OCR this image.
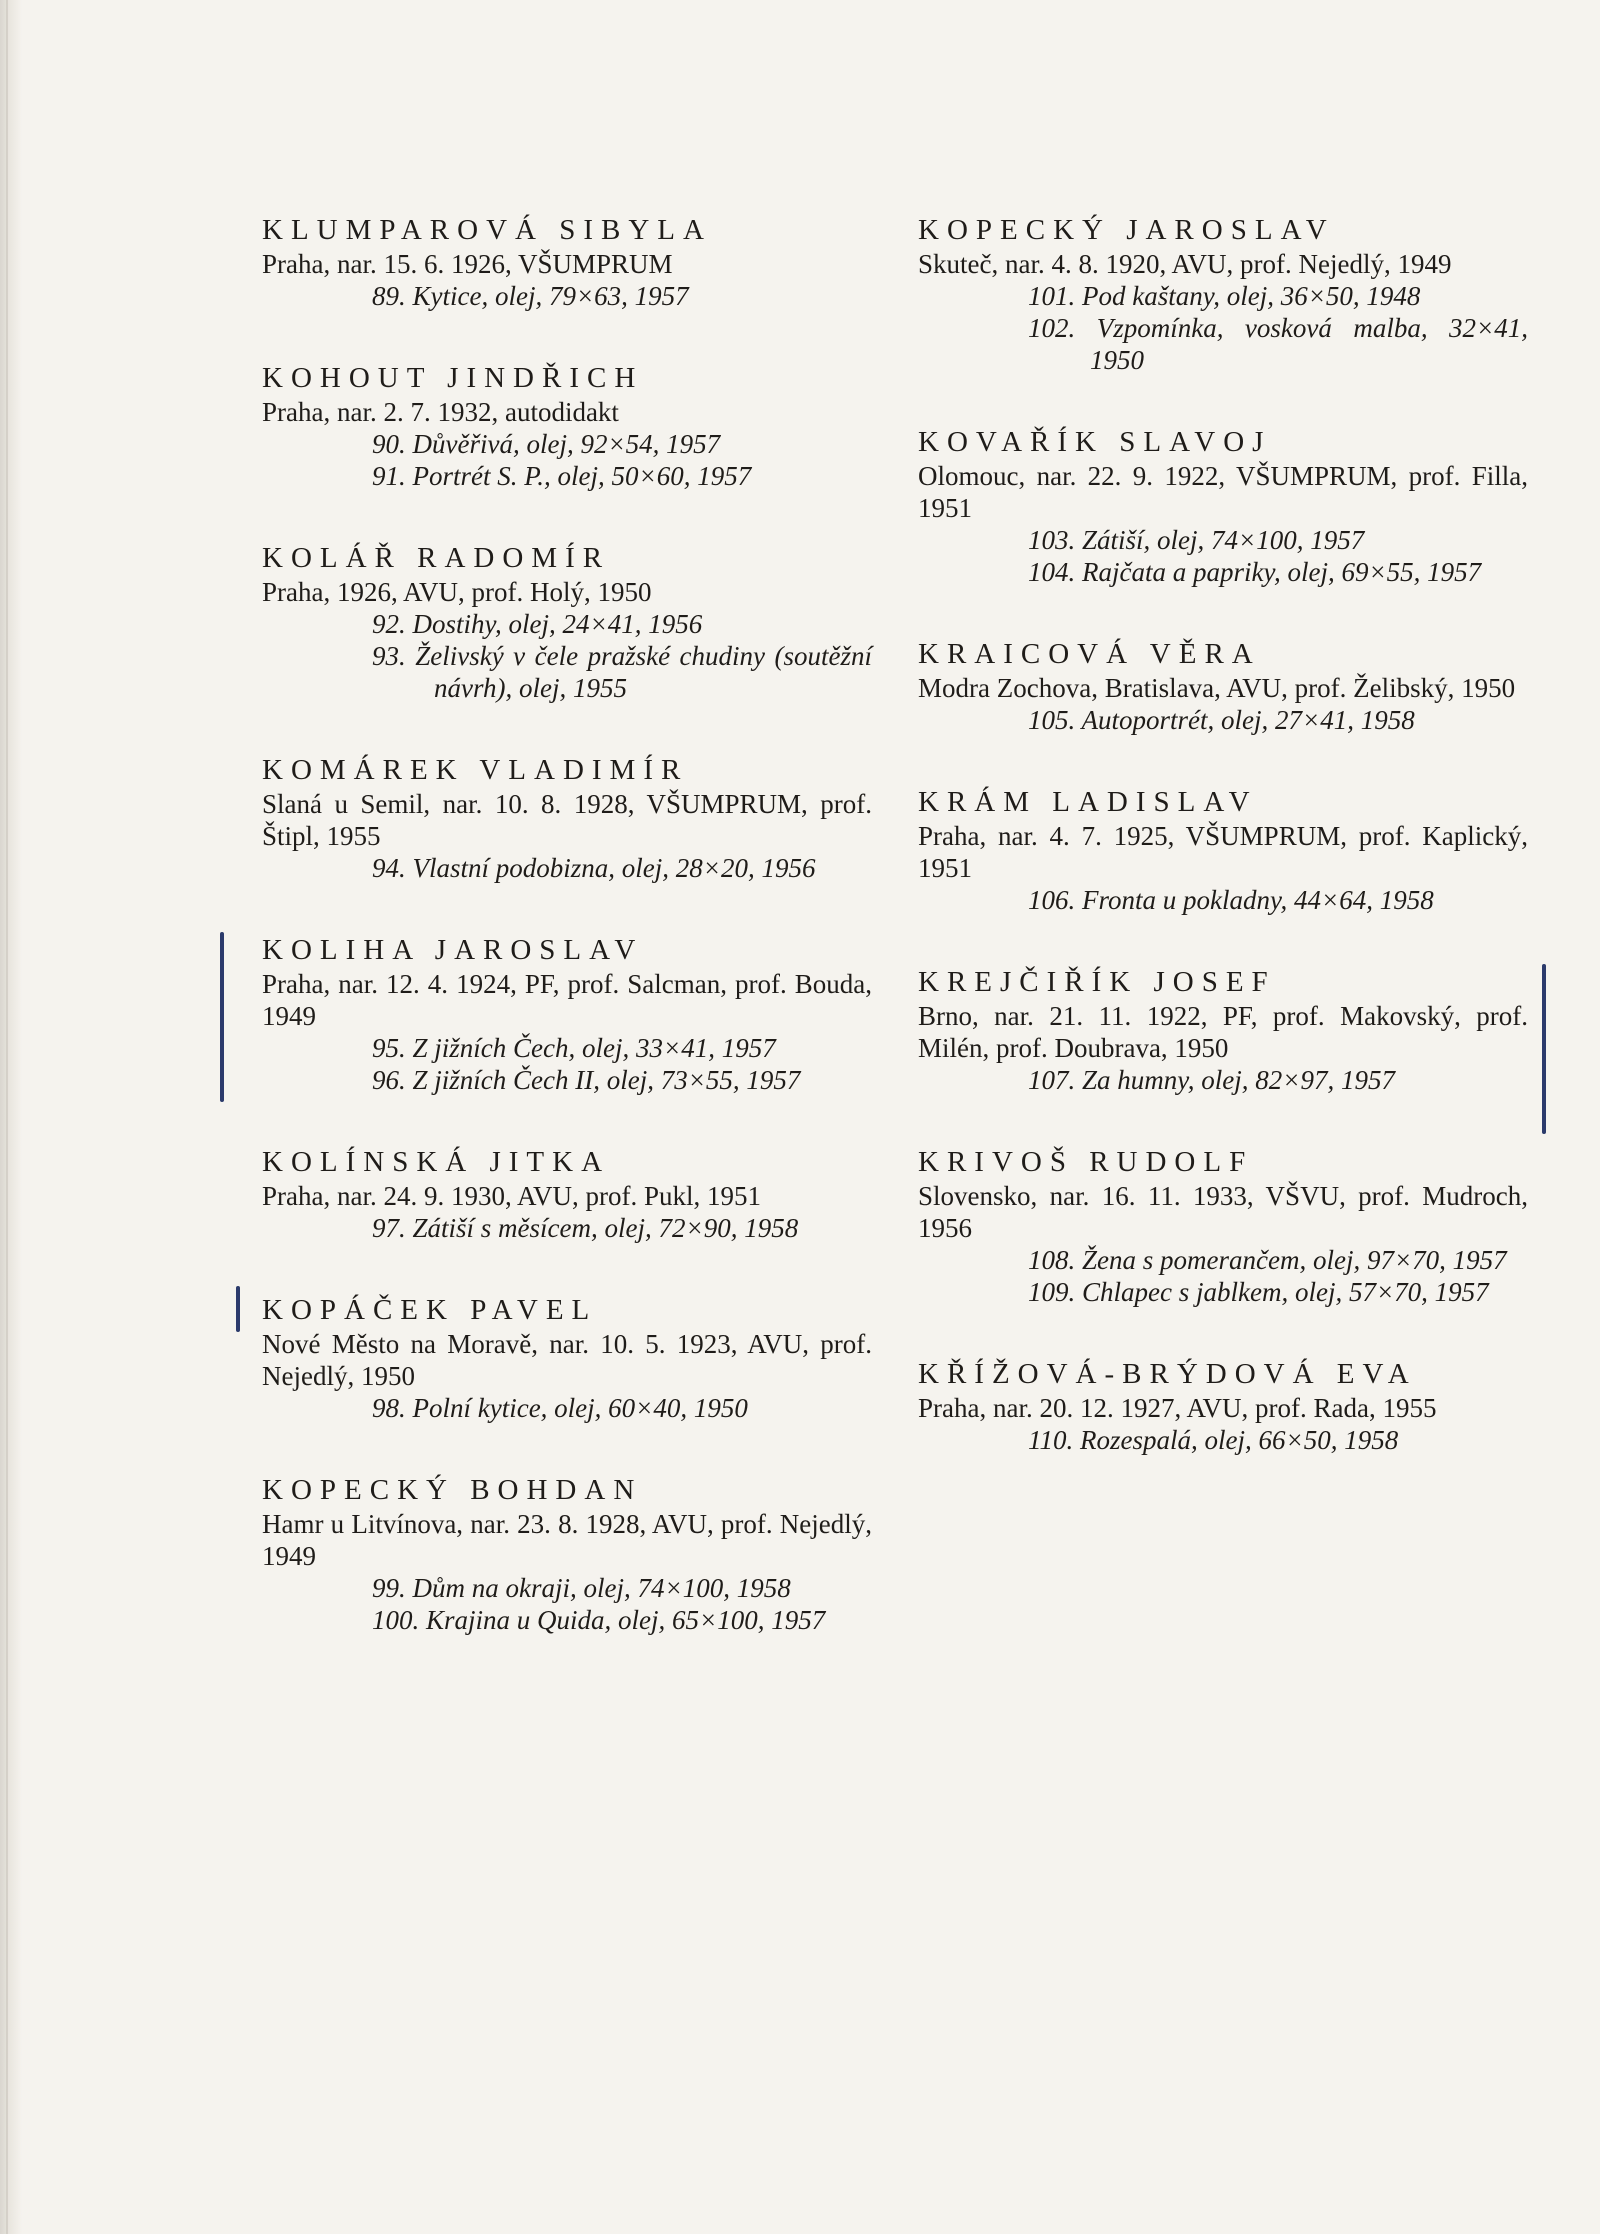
KLUMPAROVÁ SIBYLA

Praha, nar. 15. 6. 1926, VŠUMPRUM

89. Kytice, olej, 79×63, 1957

KOHOUT JINDŘICH

Praha, nar. 2. 7. 1932, autodidakt

90. Důvěřivá, olej, 92×54, 1957

91. Portrét S. P., olej, 50×60, 1957

KOLÁŘ RADOMÍR

Praha, 1926, AVU, prof. Holý, 1950

92. Dostihy, olej, 24×41, 1956

93. Želivský v čele pražské chudiny (soutěžní návrh), olej, 1955

KOMÁREK VLADIMÍR

Slaná u Semil, nar. 10. 8. 1928, VŠUMPRUM, prof. Štipl, 1955

94. Vlastní podobizna, olej, 28×20, 1956

KOLIHA JAROSLAV

Praha, nar. 12. 4. 1924, PF, prof. Salcman, prof. Bouda, 1949

95. Z jižních Čech, olej, 33×41, 1957

96. Z jižních Čech II, olej, 73×55, 1957

KOLÍNSKÁ JITKA

Praha, nar. 24. 9. 1930, AVU, prof. Pukl, 1951

97. Zátiší s měsícem, olej, 72×90, 1958

KOPÁČEK PAVEL

Nové Město na Moravě, nar. 10. 5. 1923, AVU, prof. Nejedlý, 1950

98. Polní kytice, olej, 60×40, 1950

KOPECKÝ BOHDAN

Hamr u Litvínova, nar. 23. 8. 1928, AVU, prof. Nejedlý, 1949

99. Dům na okraji, olej, 74×100, 1958

100. Krajina u Quida, olej, 65×100, 1957

KOPECKÝ JAROSLAV

Skuteč, nar. 4. 8. 1920, AVU, prof. Nejedlý, 1949

101. Pod kaštany, olej, 36×50, 1948

102. Vzpomínka, vosková malba, 32×41, 1950

KOVAŘÍK SLAVOJ

Olomouc, nar. 22. 9. 1922, VŠUMPRUM, prof. Filla, 1951

103. Zátiší, olej, 74×100, 1957

104. Rajčata a papriky, olej, 69×55, 1957

KRAICOVÁ VĚRA

Modra Zochova, Bratislava, AVU, prof. Želibský, 1950

105. Autoportrét, olej, 27×41, 1958

KRÁM LADISLAV

Praha, nar. 4. 7. 1925, VŠUMPRUM, prof. Kaplický, 1951

106. Fronta u pokladny, 44×64, 1958

KREJČIŘÍK JOSEF

Brno, nar. 21. 11. 1922, PF, prof. Makovský, prof. Milén, prof. Doubrava, 1950

107. Za humny, olej, 82×97, 1957

KRIVOŠ RUDOLF

Slovensko, nar. 16. 11. 1933, VŠVU, prof. Mudroch, 1956

108. Žena s pomerančem, olej, 97×70, 1957

109. Chlapec s jablkem, olej, 57×70, 1957

KŘÍŽOVÁ-BRÝDOVÁ EVA

Praha, nar. 20. 12. 1927, AVU, prof. Rada, 1955

110. Rozespalá, olej, 66×50, 1958
